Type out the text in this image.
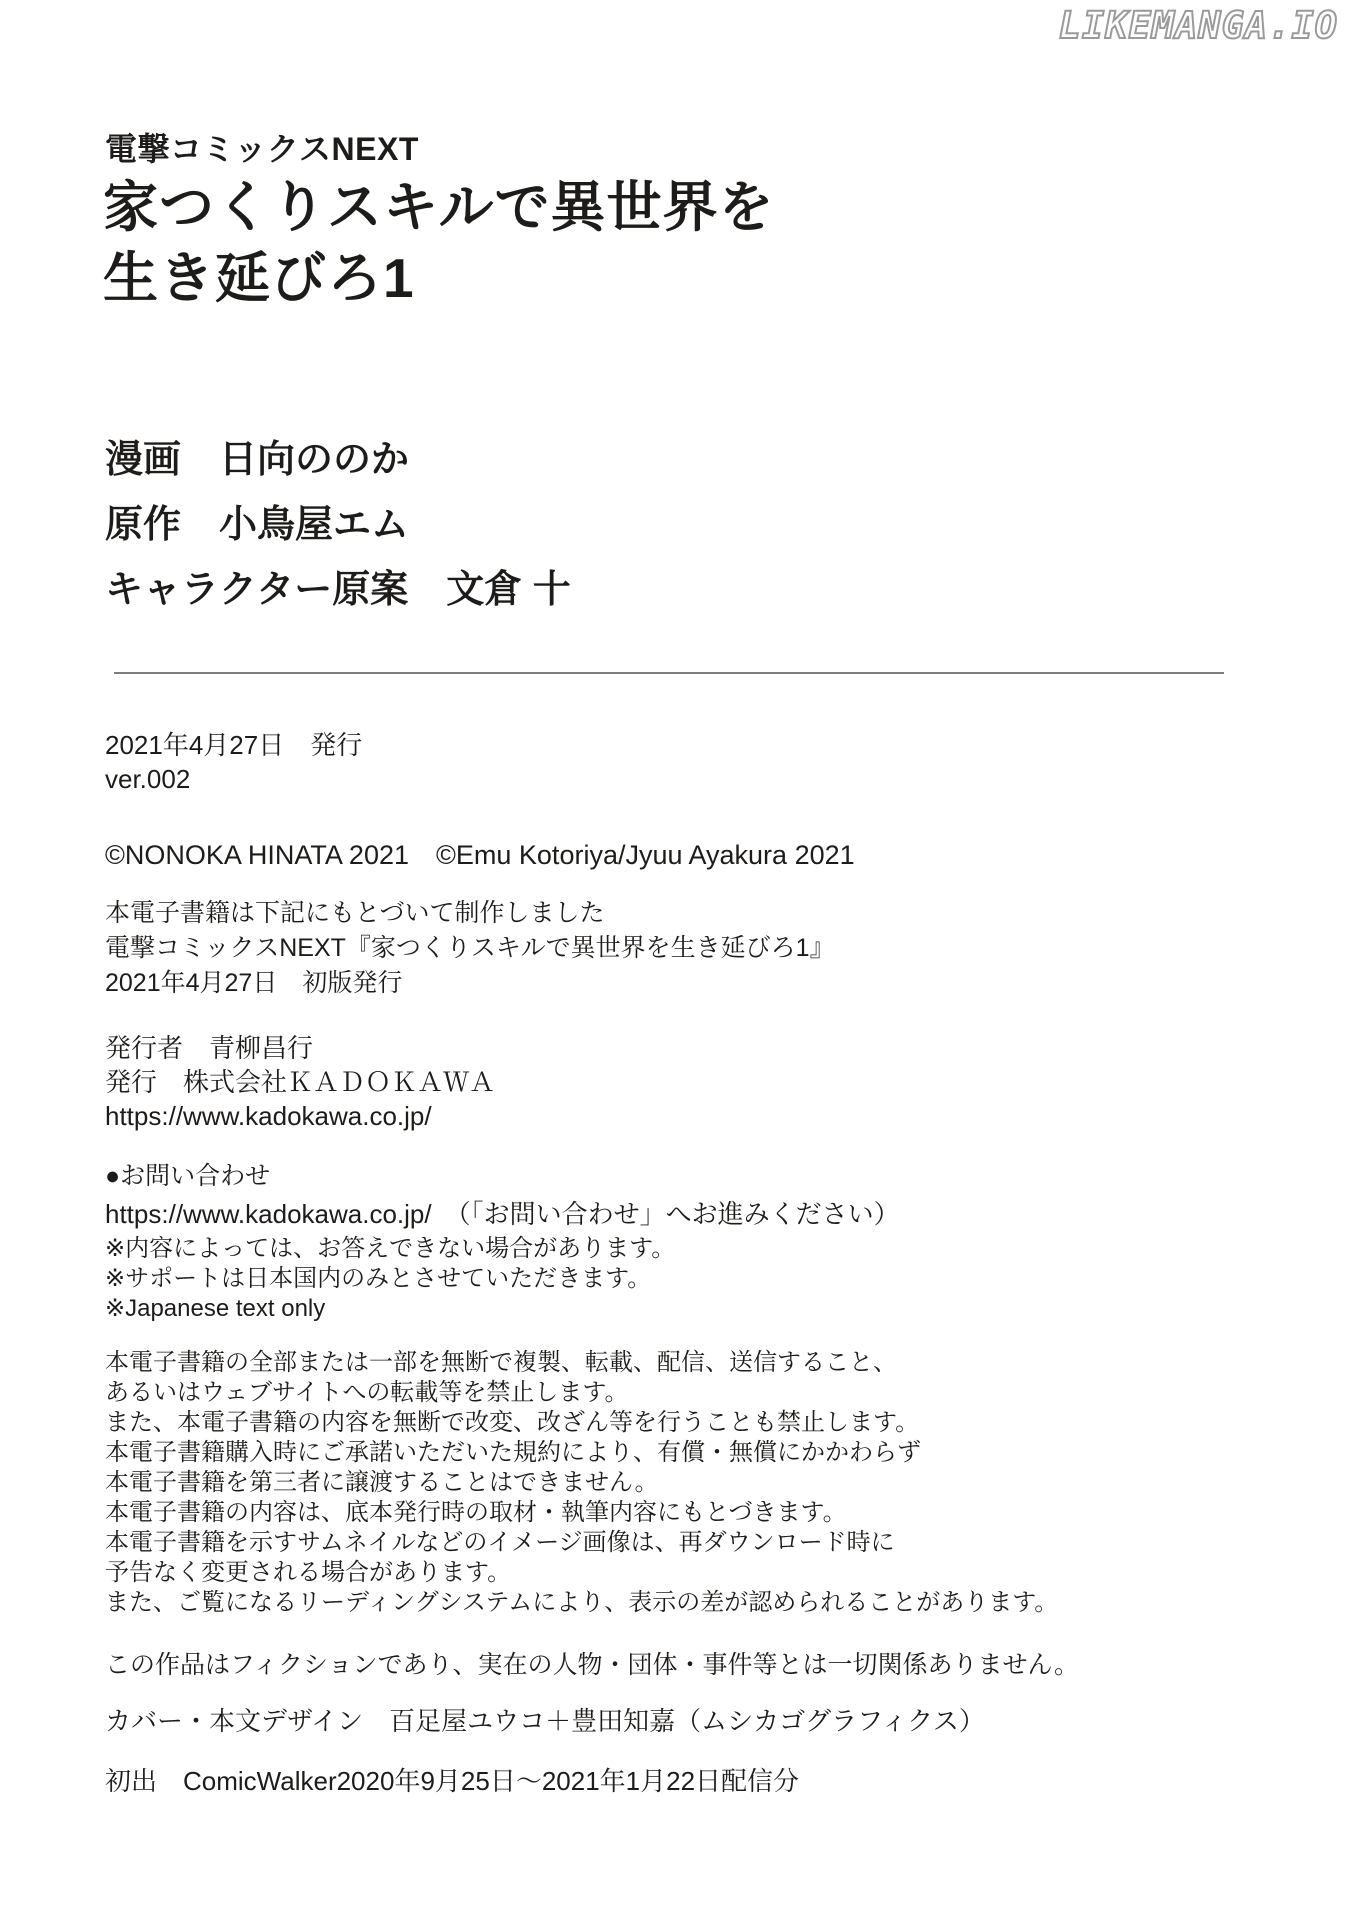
LIKEMANGA.IO
電撃コミックスNEXT
家つくりスキルで異世界を
生き延びろ1
漫画　日向ののか
原作　小鳥屋エム
キャラクター原案　文倉 十
2021年4月27日　発行
ver.002
©NONOKA HINATA 2021　©Emu Kotoriya/Jyuu Ayakura 2021
本電子書籍は下記にもとづいて制作しました
電撃コミックスNEXT『家つくりスキルで異世界を生き延びろ1』
2021年4月27日　初版発行
発行者　青柳昌行
発行　株式会社ＫＡＤＯＫＡＷＡ
https://www.kadokawa.co.jp/
●お問い合わせ
https://www.kadokawa.co.jp/　（「お問い合わせ」へお進みください）
※内容によっては、お答えできない場合があります。
※サポートは日本国内のみとさせていただきます。
※Japanese text only
本電子書籍の全部または一部を無断で複製、転載、配信、送信すること、
あるいはウェブサイトへの転載等を禁止します。
また、本電子書籍の内容を無断で改変、改ざん等を行うことも禁止します。
本電子書籍購入時にご承諾いただいた規約により、有償・無償にかかわらず
本電子書籍を第三者に譲渡することはできません。
本電子書籍の内容は、底本発行時の取材・執筆内容にもとづきます。
本電子書籍を示すサムネイルなどのイメージ画像は、再ダウンロード時に
予告なく変更される場合があります。
また、ご覧になるリーディングシステムにより、表示の差が認められることがあります。
この作品はフィクションであり、実在の人物・団体・事件等とは一切関係ありません。
カバー・本文デザイン　百足屋ユウコ＋豊田知嘉（ムシカゴグラフィクス）
初出　ComicWalker2020年9月25日～2021年1月22日配信分
